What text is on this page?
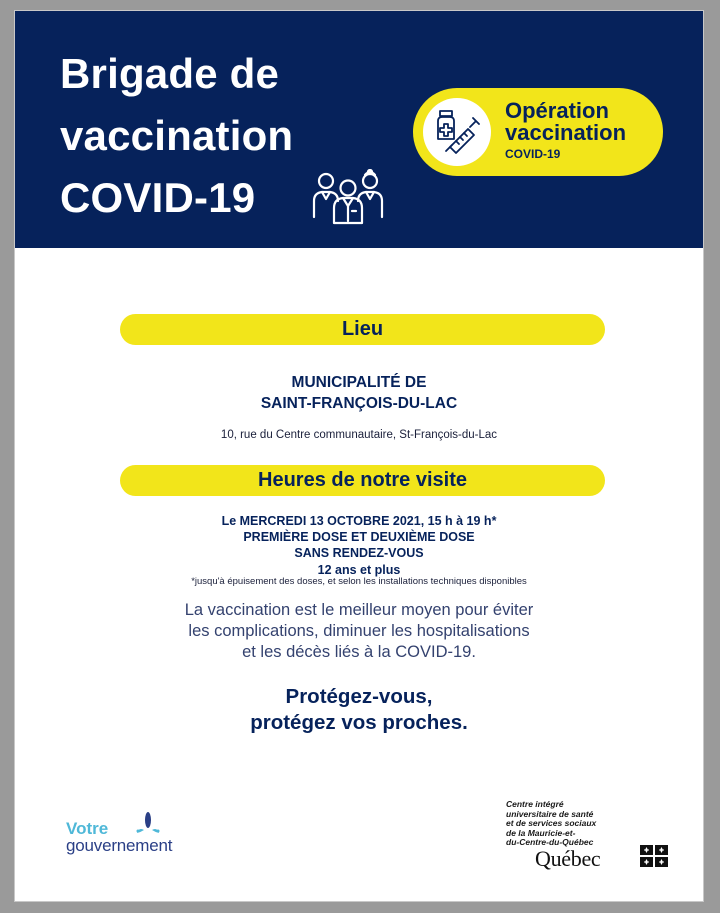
Brigade de
vaccination
COVID-19
Opération
vaccination
COVID-19
Lieu
MUNICIPALITÉ DE
SAINT-FRANÇOIS-DU-LAC
10, rue du Centre communautaire, St-François-du-Lac
Heures de notre visite
Le MERCREDI 13 OCTOBRE 2021, 15 h à 19 h*
PREMIÈRE DOSE ET DEUXIÈME DOSE
SANS RENDEZ-VOUS
12 ans et plus
*jusqu'à épuisement des doses, et selon les installations techniques disponibles
La vaccination est le meilleur moyen pour éviter
les complications, diminuer les hospitalisations
et les décès liés à la COVID-19.
Protégez-vous,
protégez vos proches.
Votre
gouvernement
Centre intégré
universitaire de santé
et de services sociaux
de la Mauricie-et-
du-Centre-du-Québec
Québec
